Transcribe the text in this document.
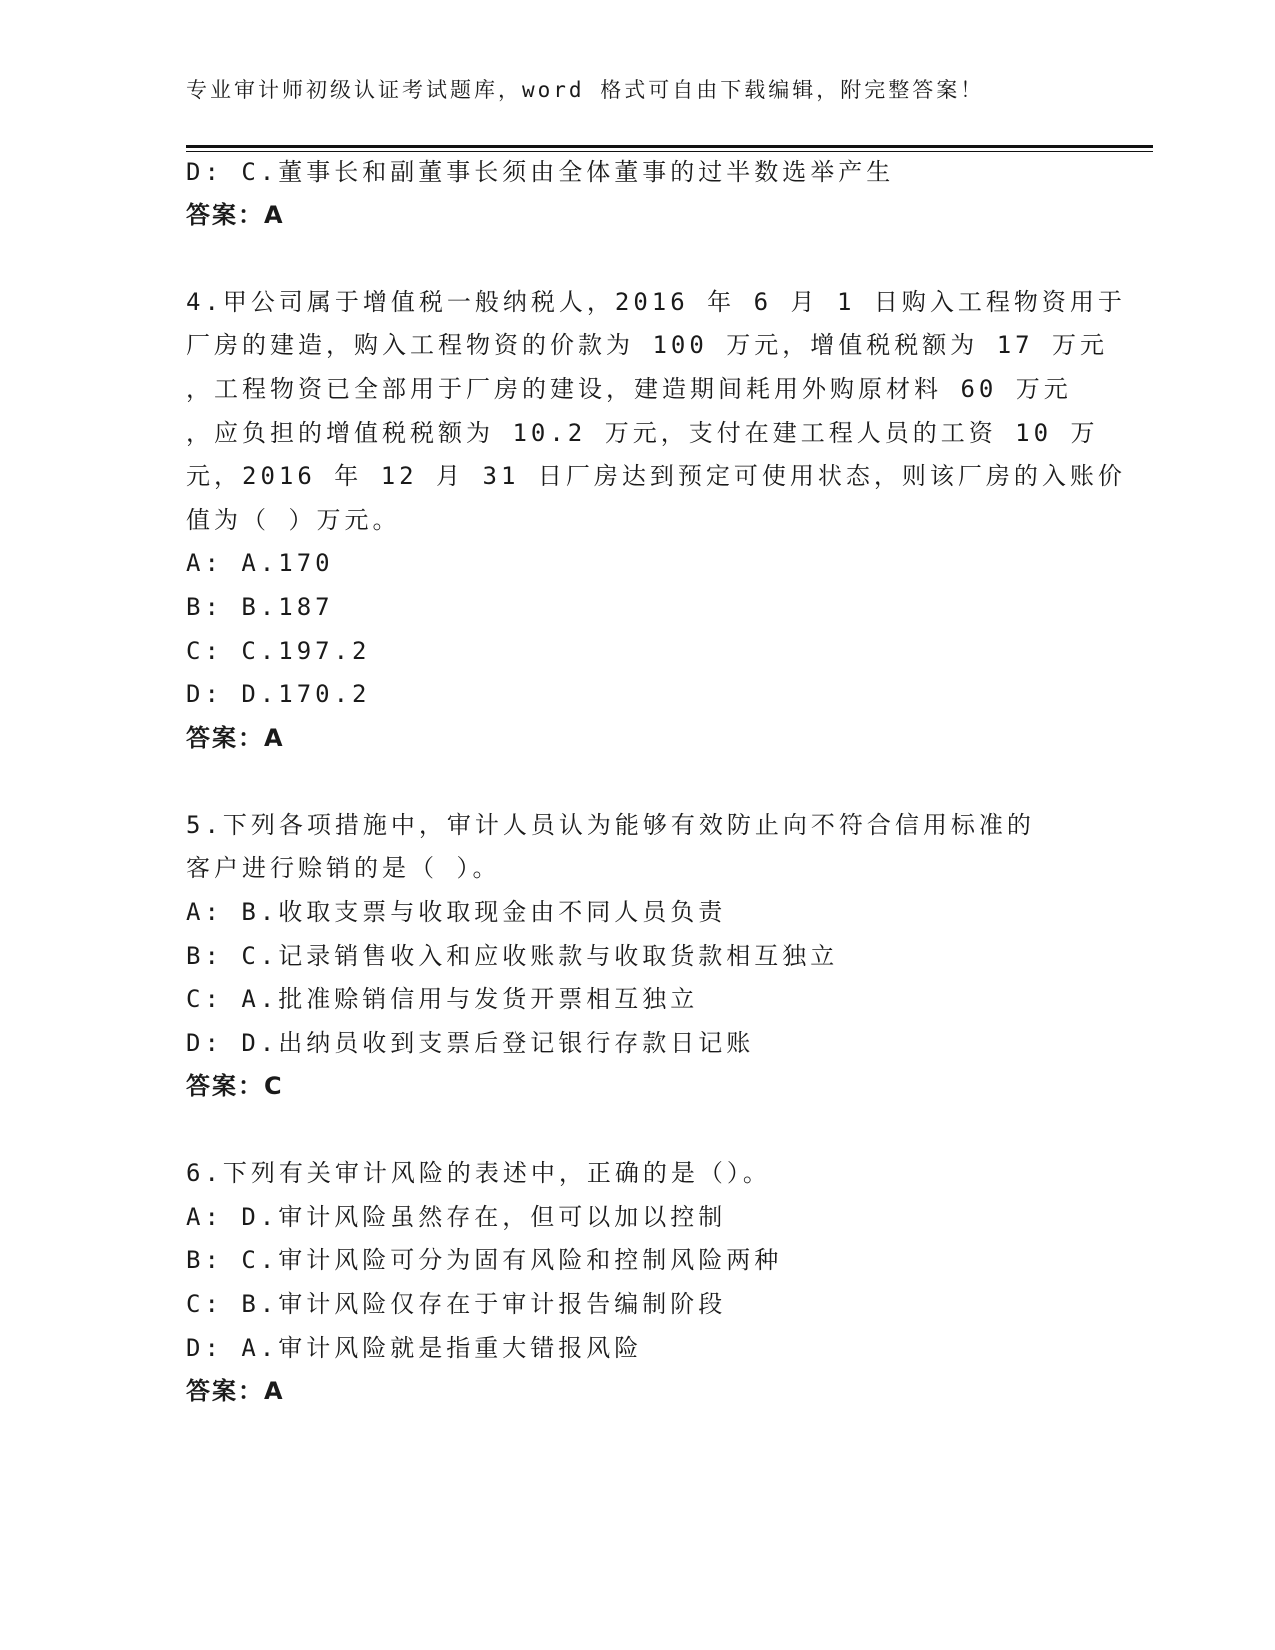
专业审计师初级认证考试题库，word 格式可自由下载编辑，附完整答案！
D: C.董事长和副董事长须由全体董事的过半数选举产生
答案：A
4.甲公司属于增值税一般纳税人，2016 年 6 月 1 日购入工程物资用于
厂房的建造，购入工程物资的价款为 100 万元，增值税税额为 17 万元
，工程物资已全部用于厂房的建设，建造期间耗用外购原材料 60 万元
，应负担的增值税税额为 10.2 万元，支付在建工程人员的工资 10 万
元，2016 年 12 月 31 日厂房达到预定可使用状态，则该厂房的入账价
值为（ ）万元。
A: A.170
B: B.187
C: C.197.2
D: D.170.2
答案：A
5.下列各项措施中，审计人员认为能够有效防止向不符合信用标准的
客户进行赊销的是（ ）。
A: B.收取支票与收取现金由不同人员负责
B: C.记录销售收入和应收账款与收取货款相互独立
C: A.批准赊销信用与发货开票相互独立
D: D.出纳员收到支票后登记银行存款日记账
答案：C
6.下列有关审计风险的表述中，正确的是（）。
A: D.审计风险虽然存在，但可以加以控制
B: C.审计风险可分为固有风险和控制风险两种
C: B.审计风险仅存在于审计报告编制阶段
D: A.审计风险就是指重大错报风险
答案：A
